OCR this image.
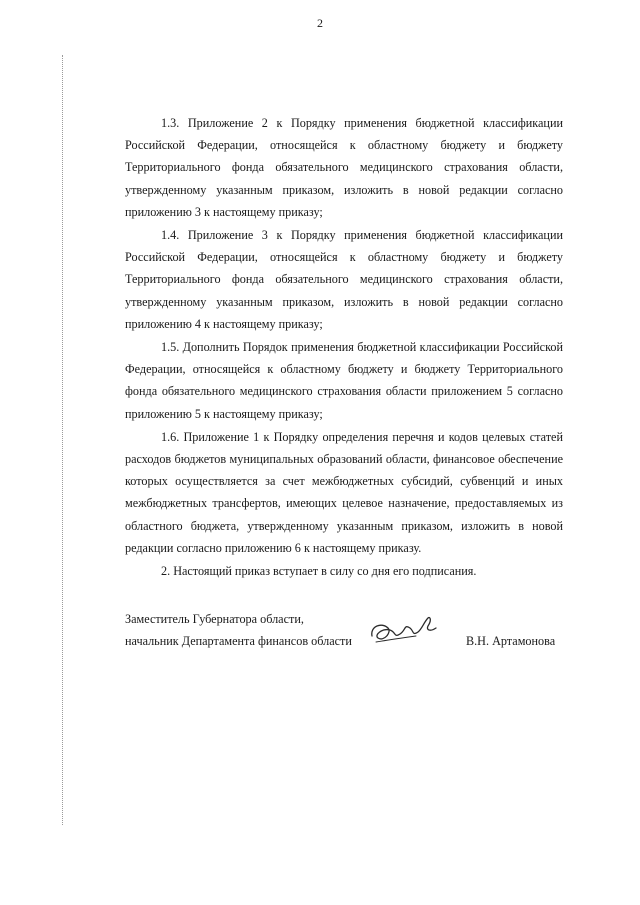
2

1.3. Приложение 2 к Порядку применения бюджетной классификации Российской Федерации, относящейся к областному бюджету и бюджету Территориального фонда обязательного медицинского страхования области, утвержденному указанным приказом, изложить в новой редакции согласно приложению 3 к настоящему приказу;

1.4. Приложение 3 к Порядку применения бюджетной классификации Российской Федерации, относящейся к областному бюджету и бюджету Территориального фонда обязательного медицинского страхования области, утвержденному указанным приказом, изложить в новой редакции согласно приложению 4 к настоящему приказу;

1.5. Дополнить Порядок применения бюджетной классификации Российской Федерации, относящейся к областному бюджету и бюджету Территориального фонда обязательного медицинского страхования области приложением 5 согласно приложению 5 к настоящему приказу;

1.6. Приложение 1 к Порядку определения перечня и кодов целевых статей расходов бюджетов муниципальных образований области, финансовое обеспечение которых осуществляется за счет межбюджетных субсидий, субвенций и иных межбюджетных трансфертов, имеющих целевое назначение, предоставляемых из областного бюджета, утвержденному указанным приказом, изложить в новой редакции согласно приложению 6 к настоящему приказу.

2. Настоящий приказ вступает в силу со дня его подписания.

Заместитель Губернатора области,
начальник Департамента финансов области	В.Н. Артамонова
